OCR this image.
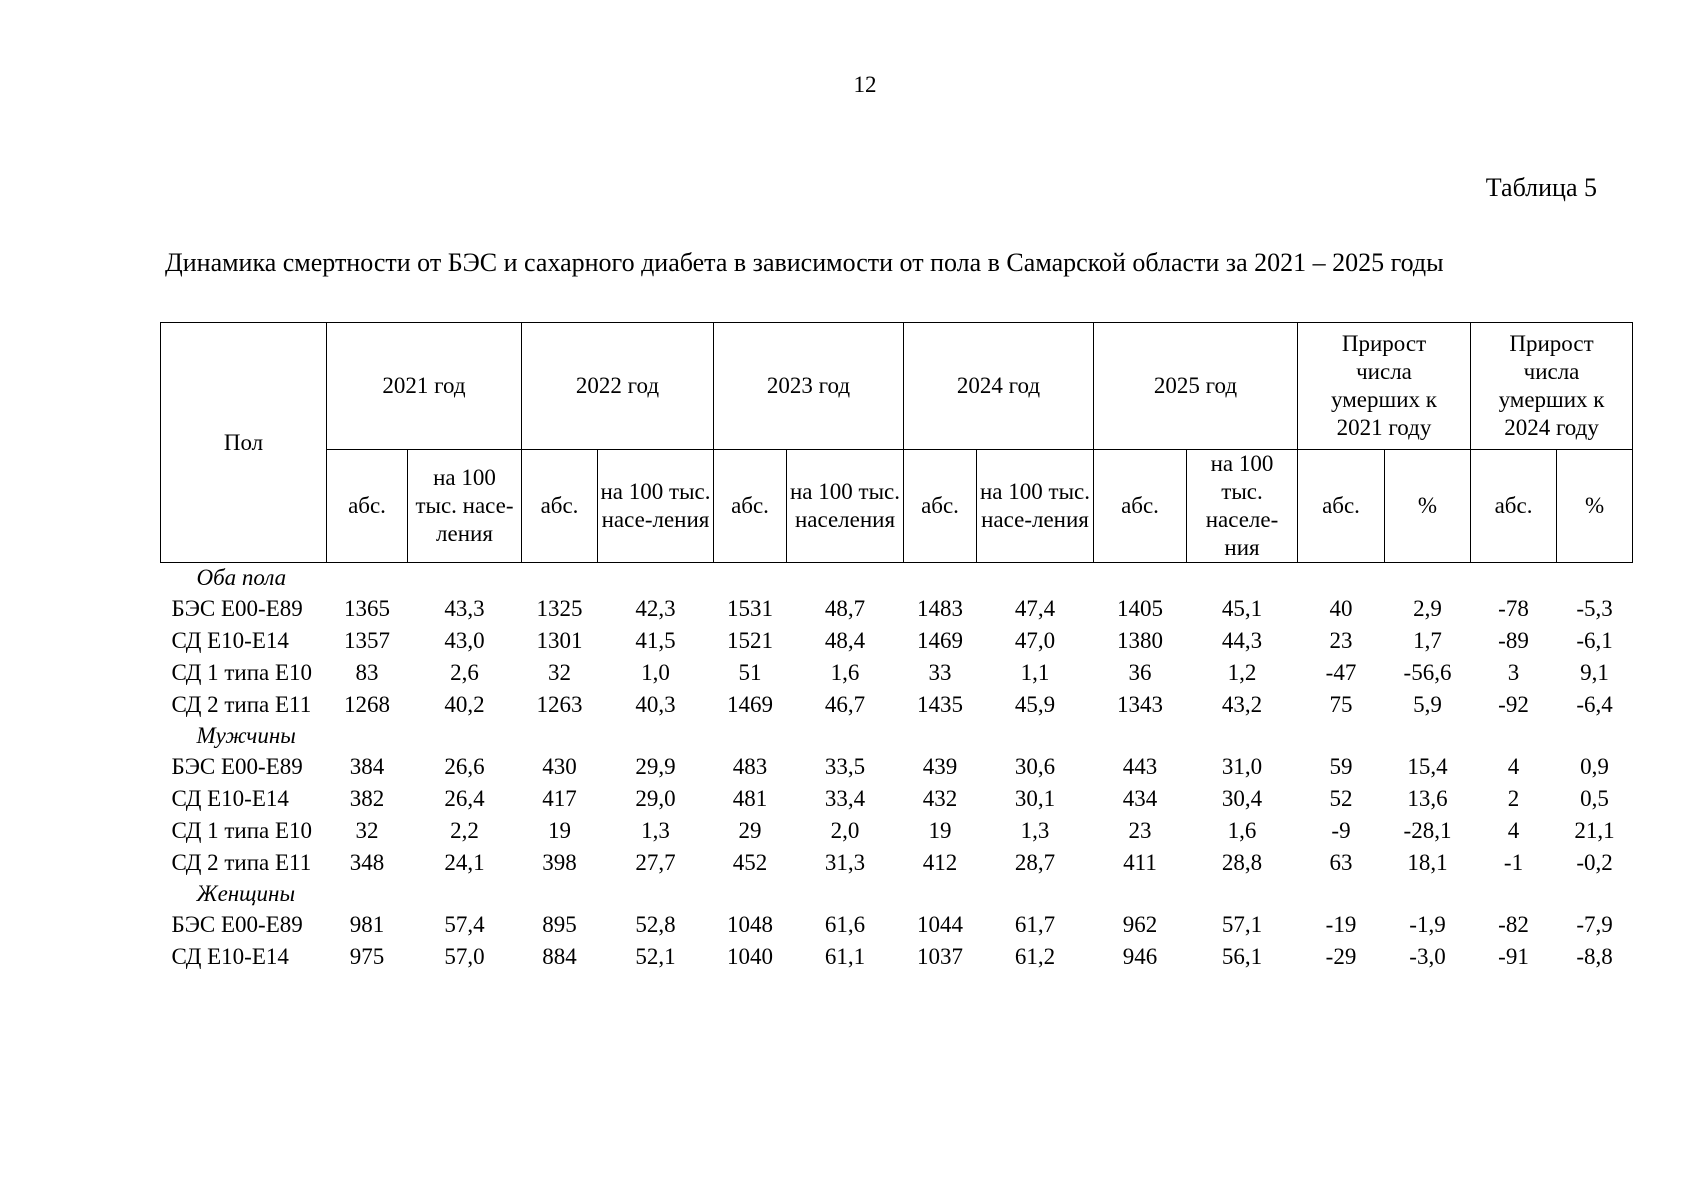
12
Таблица 5
Динамика смертности от БЭС и сахарного диабета в зависимости от пола в Самарской области за 2021 – 2025 годы
Пол	2021 год		2022 год		2023 год		2024 год		2025 год		Прирост числа умерших к 2021 году		Прирост числа умерших к 2024 году	
	абс.	на 100 тыс. насе-ления	абс.	на 100 тыс. насе-ления	абс.	на 100 тыс. населения	абс.	на 100 тыс. насе-ления	абс.	на 100 тыс. населе-ния	абс.	%	абс.	%
Оба пола														
БЭС Е00-Е89	1365	43,3	1325	42,3	1531	48,7	1483	47,4	1405	45,1	40	2,9	-78	-5,3
СД Е10-Е14	1357	43,0	1301	41,5	1521	48,4	1469	47,0	1380	44,3	23	1,7	-89	-6,1
СД 1 типа Е10	83	2,6	32	1,0	51	1,6	33	1,1	36	1,2	-47	-56,6	3	9,1
СД 2 типа Е11	1268	40,2	1263	40,3	1469	46,7	1435	45,9	1343	43,2	75	5,9	-92	-6,4
Мужчины														
БЭС Е00-Е89	384	26,6	430	29,9	483	33,5	439	30,6	443	31,0	59	15,4	4	0,9
СД Е10-Е14	382	26,4	417	29,0	481	33,4	432	30,1	434	30,4	52	13,6	2	0,5
СД 1 типа Е10	32	2,2	19	1,3	29	2,0	19	1,3	23	1,6	-9	-28,1	4	21,1
СД 2 типа Е11	348	24,1	398	27,7	452	31,3	412	28,7	411	28,8	63	18,1	-1	-0,2
Женщины														
БЭС Е00-Е89	981	57,4	895	52,8	1048	61,6	1044	61,7	962	57,1	-19	-1,9	-82	-7,9
СД Е10-Е14	975	57,0	884	52,1	1040	61,1	1037	61,2	946	56,1	-29	-3,0	-91	-8,8
